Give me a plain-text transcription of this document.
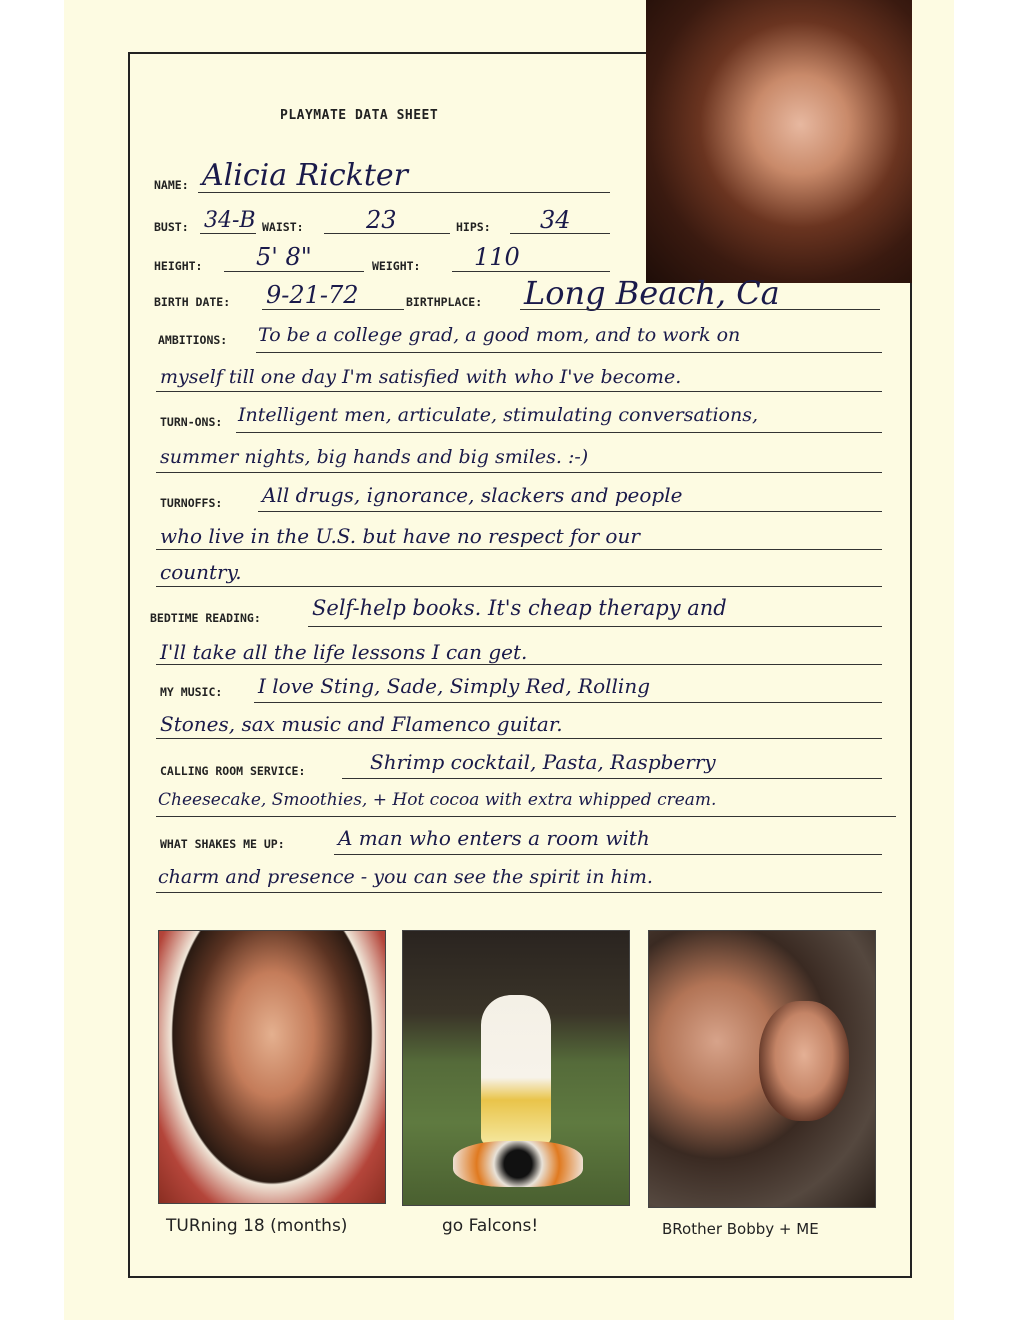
PLAYMATE DATA SHEET
NAME: Alicia Rickter
BUST: 34-B WAIST:	23	HIPS: 34
HEIGHT: 5' 8"	WEIGHT: 110
BIRTH DATE: 9-21-72	BIRTHPLACE: Long Beach, Ca
AMBITIONS: To be a college grad, a good mom, and to work on
myself till one day I'm satisfied with who I've become.
TURN-ONS: Intelligent men, articulate, stimulating conversations,
summer nights, big hands and big smiles. :-)
TURNOFFS: All drugs, ignorance, slackers and people
who live in the U.S. but have no respect for our
country.
BEDTIME READING: Self-help books. It's cheap therapy and
I'll take all the life lessons I can get.
MY MUSIC: I love Sting, Sade, Simply Red, Rolling
Stones, sax music and Flamenco guitar.
CALLING ROOM SERVICE:	Shrimp cocktail, Pasta, Raspberry
Cheesecake, Smoothies, + Hot cocoa with extra whipped cream.
WHAT SHAKES ME UP:	A man who enters a room with
charm and presence - you can see the spirit in him.
TURning 18 (months)	go Falcons!	BRother Bobby + ME
